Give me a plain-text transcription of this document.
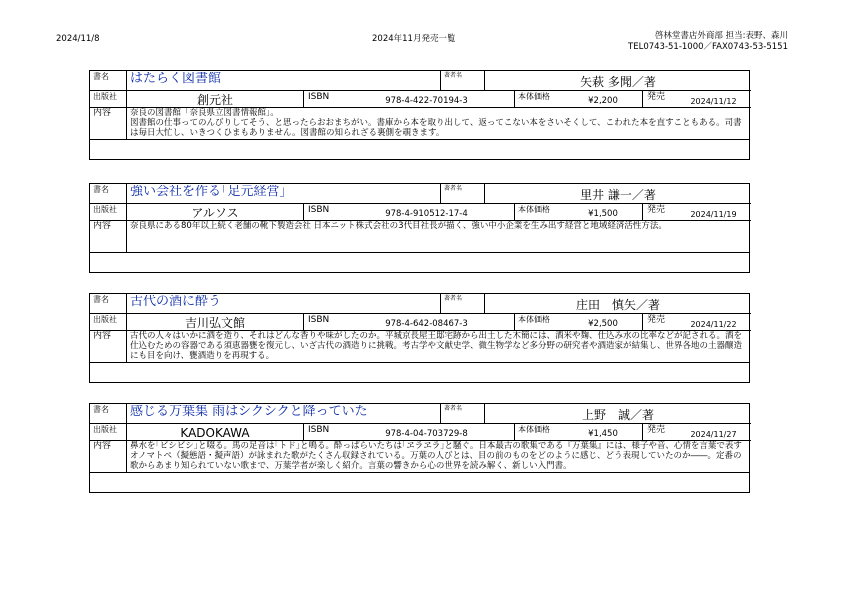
2024/11/8	2024年11月発売一覧	啓林堂書店外商部 担当:表野、森川
TEL0743-51-1000／FAX0743-53-5151
書名	はたらく図書館	著者名	矢萩 多聞／著
出版社	創元社	ISBN	978-4-422-70194-3	本体価格	¥2,200	発売	2024/11/12
内容	奈良の図書館「奈良県立図書情報館」。
図書館の仕事ってのんびりしてそう、と思ったらおおまちがい。書庫から本を取り出して、返ってこない本をさいそくして、こわれた本を直すこともある。司書は毎日大忙し、いきつくひまもありません。図書館の知られざる裏側を覗きます。
書名	強い会社を作る｢足元経営｣	著者名	里井 謙一／著
出版社	アルソス	ISBN	978-4-910512-17-4	本体価格	¥1,500	発売	2024/11/19
内容	奈良県にある80年以上続く老舗の靴下製造会社 日本ニット株式会社の3代目社長が描く、強い中小企業を生み出す経営と地域経済活性方法。
書名	古代の酒に酔う	著者名	庄田　慎矢／著
出版社	吉川弘文館	ISBN	978-4-642-08467-3	本体価格	¥2,500	発売	2024/11/22
内容	古代の人々はいかに酒を造り、それはどんな香りや味がしたのか。平城京長屋王邸宅跡から出土した木簡には、酒米や麹、仕込み水の比率などが記される。酒を仕込むための容器である須恵器甕を復元し、いざ古代の酒造りに挑戦。考古学や文献史学、微生物学など多分野の研究者や酒造家が結集し、世界各地の土器醸造にも目を向け、甕酒造りを再現する。
書名	感じる万葉集 雨はシクシクと降っていた	著者名	上野　誠／著
出版社	KADOKAWA	ISBN	978-4-04-703729-8	本体価格	¥1,450	発売	2024/11/27
内容	鼻水を｢ビシビシ｣と啜る。馬の足音は｢トド｣と鳴る。酔っぱらいたちは｢ヱラヱラ｣と騒ぐ。日本最古の歌集である『万葉集』には、様子や音、心情を言葉で表すオノマトペ（擬態語・擬声語）が詠まれた歌がたくさん収録されている。万葉の人びとは、目の前のものをどのように感じ、どう表現していたのか――。定番の歌からあまり知られていない歌まで、万葉学者が楽しく紹介。言葉の響きから心の世界を読み解く、新しい入門書。
